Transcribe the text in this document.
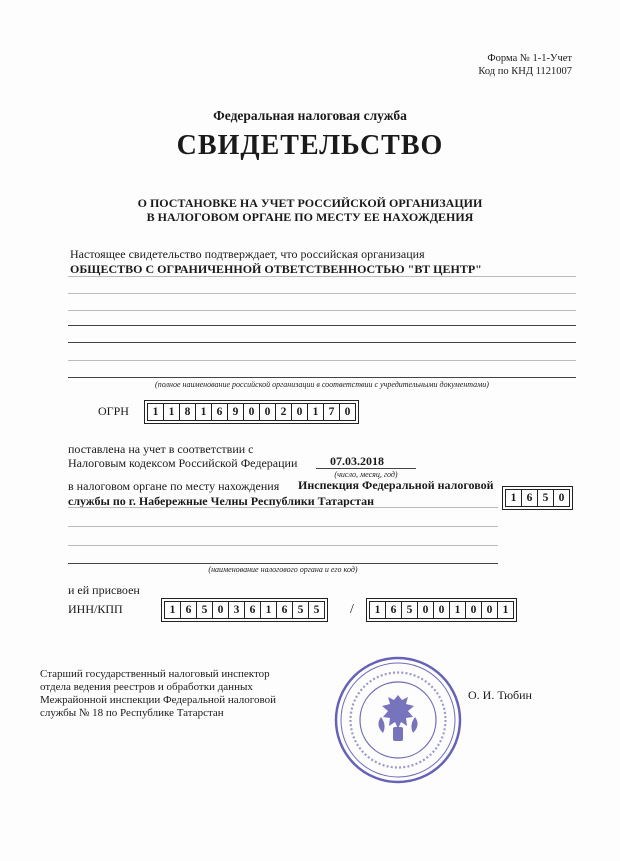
Форма № 1-1-Учет
Код по КНД 1121007
Федеральная налоговая служба
СВИДЕТЕЛЬСТВО
О ПОСТАНОВКЕ НА УЧЕТ РОССИЙСКОЙ ОРГАНИЗАЦИИ
В НАЛОГОВОМ ОРГАНЕ ПО МЕСТУ ЕЕ НАХОЖДЕНИЯ
Настоящее свидетельство подтверждает, что российская организация
ОБЩЕСТВО С ОГРАНИЧЕННОЙ ОТВЕТСТВЕННОСТЬЮ "ВТ ЦЕНТР"
(полное наименование российской организации в соответствии с учредительными документами)
ОГРН	1 1 8 1 6 9 0 0 2 0 1 7 0
поставлена на учет в соответствии с
Налоговым кодексом Российской Федерации	07.03.2018
(число, месяц, год)
в налоговом органе по месту нахождения Инспекция Федеральной налоговой
службы по г. Набережные Челны Республики Татарстан	1 6 5 0
(наименование налогового органа и его код)
и ей присвоен
ИНН/КПП	1 6 5 0 3 6 1 6 5 5	/	1 6 5 0 0 1 0 0 1
Старший государственный налоговый инспектор
отдела ведения реестров и обработки данных
Межрайонной инспекции Федеральной налоговой
службы № 18 по Республике Татарстан
О. И. Тюбин
